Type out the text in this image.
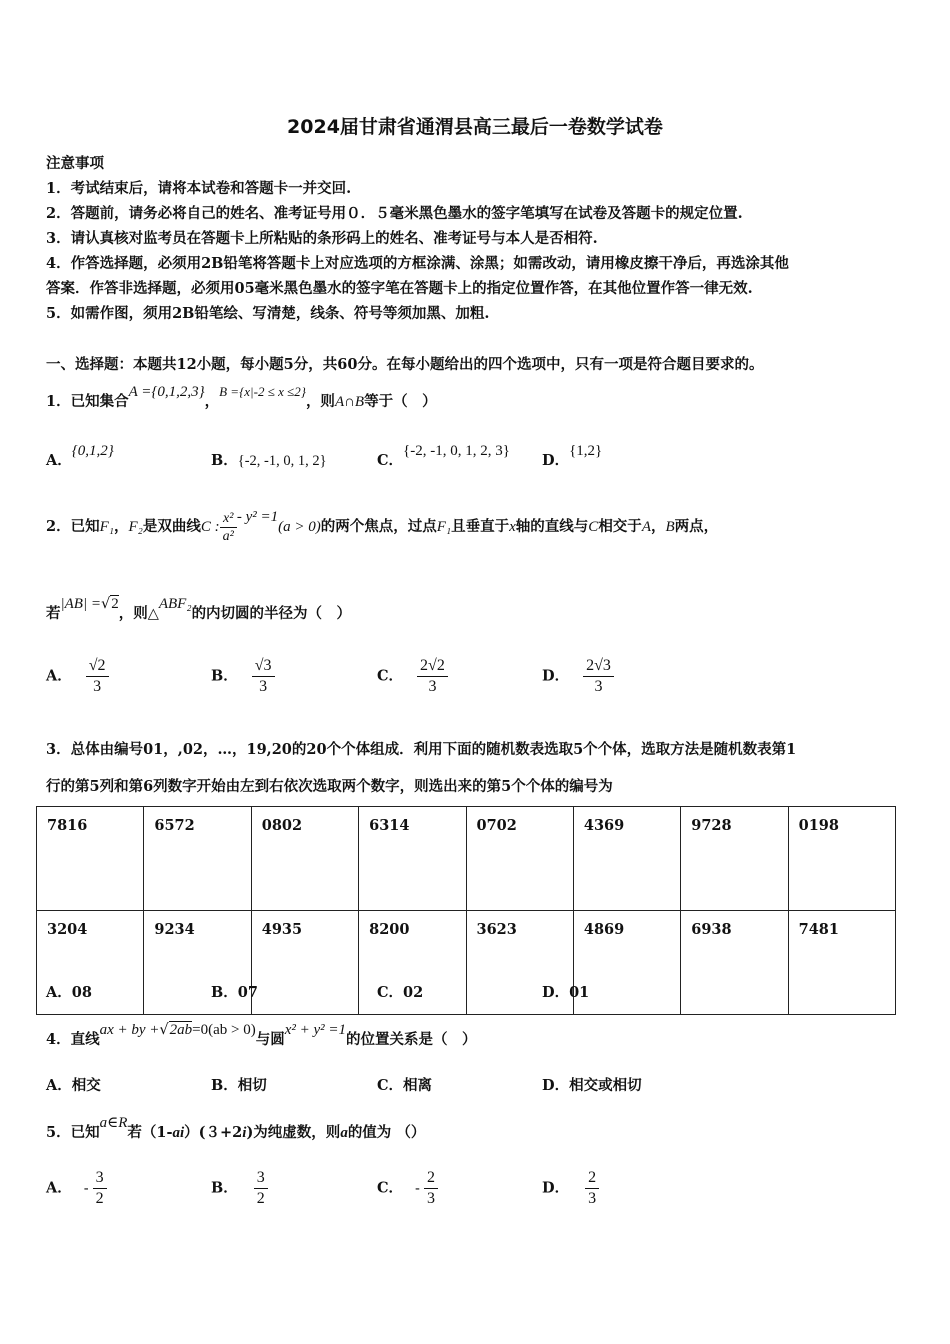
2024届甘肃省通渭县高三最后一卷数学试卷
注意事项
1．考试结束后，请将本试卷和答题卡一并交回.
2．答题前，请务必将自己的姓名、准考证号用０．５毫米黑色墨水的签字笔填写在试卷及答题卡的规定位置.
3．请认真核对监考员在答题卡上所粘贴的条形码上的姓名、准考证号与本人是否相符.
4．作答选择题，必须用2B铅笔将答题卡上对应选项的方框涂满、涂黑；如需改动，请用橡皮擦干净后，再选涂其他
答案．作答非选择题，必须用05毫米黑色墨水的签字笔在答题卡上的指定位置作答，在其他位置作答一律无效.
5．如需作图，须用2B铅笔绘、写清楚，线条、符号等须加黑、加粗.
一、选择题：本题共12小题，每小题5分，共60分。在每小题给出的四个选项中，只有一项是符合题目要求的。
1．已知集合A ={0,1,2,3}，B ={x|-2 ≤ x ≤2}，则A∩B等于（　）
A．{0,1,2}
B．{-2, -1, 0, 1, 2}	C．{-2, -1, 0, 1, 2, 3}
D．{1,2}
2．已知F₁，F₂是双曲线C : $\frac{\text{x²}}{\text{a²}} - y^2 =1(a > 0)$的两个焦点，过点F₁且垂直于x轴的直线与C相交于A，B两点，
若|AB| =√2，则△ABF₂的内切圆的半径为（　）
A． $\frac{√2}{3}$	B． $\frac{√3}{3}$	C． $\frac{2√2}{3}$	D． $\frac{2√3}{3}$
3．总体由编号01，,02，…，19,20的20个个体组成．利用下面的随机数表选取5个个体，选取方法是随机数表第1
行的第5列和第6列数字开始由左到右依次选取两个数字，则选出来的第5个个体的编号为
7816	6572	0802	6314	0702	4369	9728	0198
3204	9234	4935	8200	3623	4869	6938	7481
A．08	B．07	C．02	D．01
4．直线ax + by +√2ab=0(ab > 0)与圆x² + y² =1的位置关系是（　）
A．相交	B．相切	C．相离	D．相交或相切
5．已知a∈R若（1-ai）(３+2i)为纯虚数，则a的值为 （）
A． - $\frac{3}{2}$	B． $\frac{3}{2}$	C． - $\frac{2}{3}$	D． $\frac{2}{3}$
